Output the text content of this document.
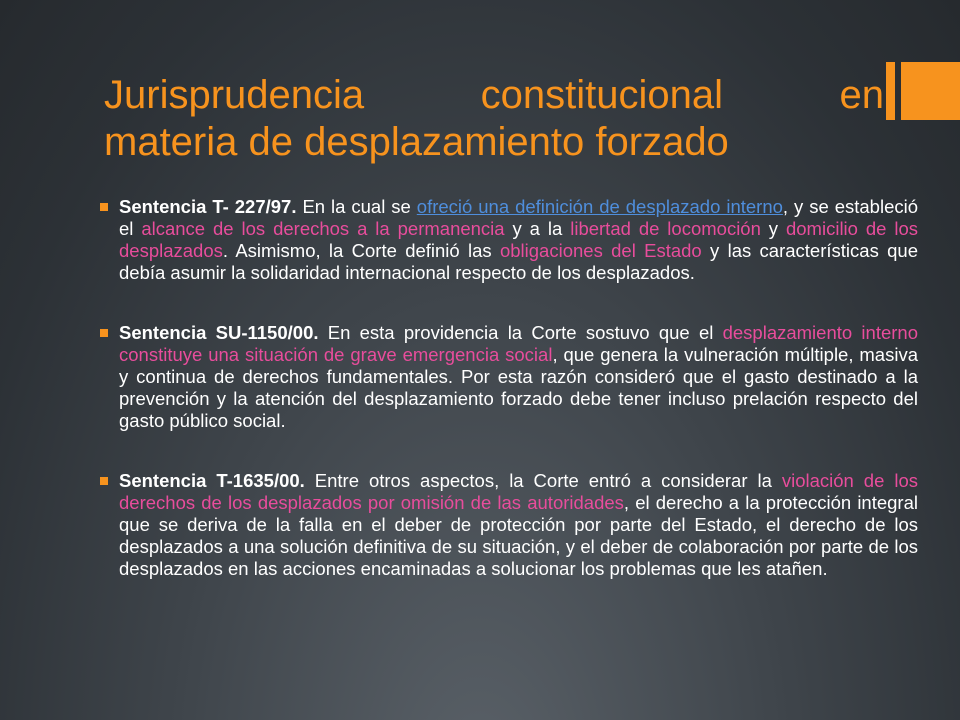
Jurisprudencia constitucional en
materia de desplazamiento forzado
Sentencia T- 227/97. En la cual se ofreció una definición de desplazado interno, y se estableció el alcance de los derechos a la permanencia y a la libertad de locomoción y domicilio de los desplazados. Asimismo, la Corte definió las obligaciones del Estado y las características que debía asumir la solidaridad internacional respecto de los desplazados.
Sentencia SU-1150/00. En esta providencia la Corte sostuvo que el desplazamiento interno constituye una situación de grave emergencia social, que genera la vulneración múltiple, masiva y continua de derechos fundamentales. Por esta razón consideró que el gasto destinado a la prevención y la atención del desplazamiento forzado debe tener incluso prelación respecto del gasto público social.
Sentencia T-1635/00. Entre otros aspectos, la Corte entró a considerar la violación de los derechos de los desplazados por omisión de las autoridades, el derecho a la protección integral que se deriva de la falla en el deber de protección por parte del Estado, el derecho de los desplazados a una solución definitiva de su situación, y el deber de colaboración por parte de los desplazados en las acciones encaminadas a solucionar los problemas que les atañen.
